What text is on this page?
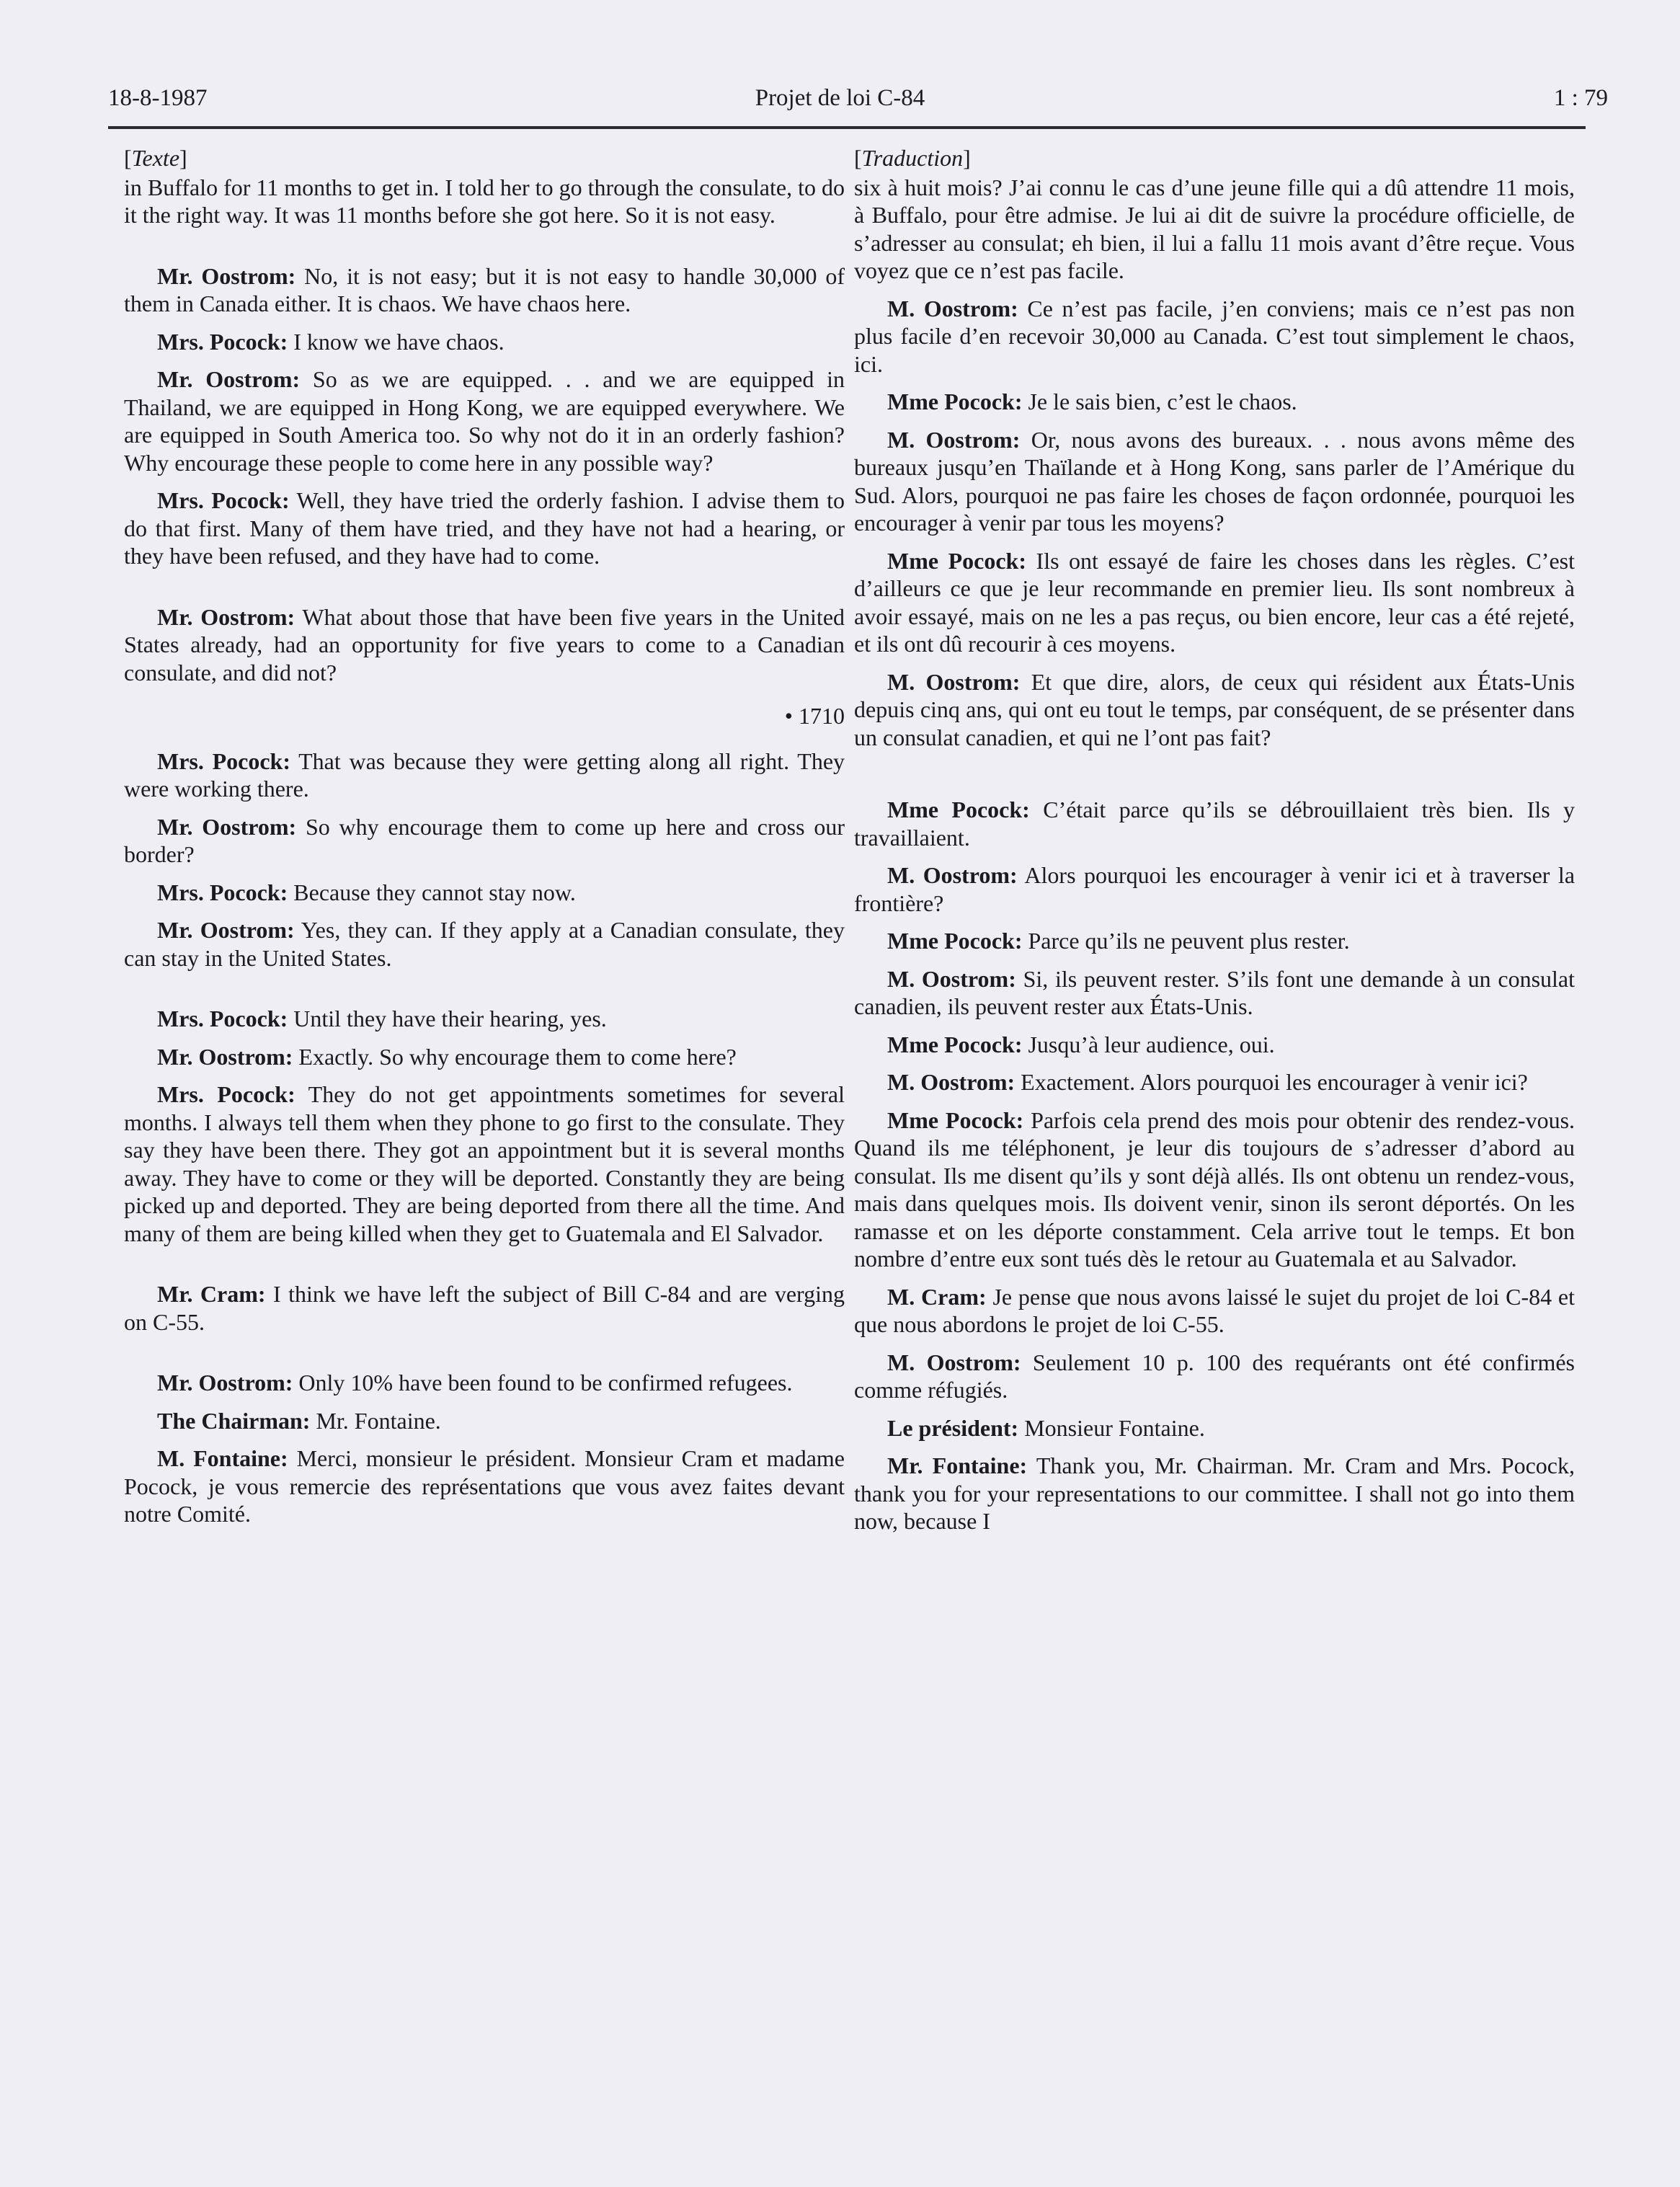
18-8-1987	Projet de loi C-84	1 : 79

[Texte]

in Buffalo for 11 months to get in. I told her to go through the consulate, to do it the right way. It was 11 months before she got here. So it is not easy.

Mr. Oostrom: No, it is not easy; but it is not easy to handle 30,000 of them in Canada either. It is chaos. We have chaos here.

Mrs. Pocock: I know we have chaos.

Mr. Oostrom: So as we are equipped. . . and we are equipped in Thailand, we are equipped in Hong Kong, we are equipped everywhere. We are equipped in South America too. So why not do it in an orderly fashion? Why encourage these people to come here in any possible way?

Mrs. Pocock: Well, they have tried the orderly fashion. I advise them to do that first. Many of them have tried, and they have not had a hearing, or they have been refused, and they have had to come.

Mr. Oostrom: What about those that have been five years in the United States already, had an opportunity for five years to come to a Canadian consulate, and did not?

• 1710

Mrs. Pocock: That was because they were getting along all right. They were working there.

Mr. Oostrom: So why encourage them to come up here and cross our border?

Mrs. Pocock: Because they cannot stay now.

Mr. Oostrom: Yes, they can. If they apply at a Canadian consulate, they can stay in the United States.

Mrs. Pocock: Until they have their hearing, yes.

Mr. Oostrom: Exactly. So why encourage them to come here?

Mrs. Pocock: They do not get appointments sometimes for several months. I always tell them when they phone to go first to the consulate. They say they have been there. They got an appointment but it is several months away. They have to come or they will be deported. Constantly they are being picked up and deported. They are being deported from there all the time. And many of them are being killed when they get to Guatemala and El Salvador.

Mr. Cram: I think we have left the subject of Bill C-84 and are verging on C-55.

Mr. Oostrom: Only 10% have been found to be confirmed refugees.

The Chairman: Mr. Fontaine.

M. Fontaine: Merci, monsieur le président. Monsieur Cram et madame Pocock, je vous remercie des représentations que vous avez faites devant notre Comité.

[Traduction]

six à huit mois? J’ai connu le cas d’une jeune fille qui a dû attendre 11 mois, à Buffalo, pour être admise. Je lui ai dit de suivre la procédure officielle, de s’adresser au consulat; eh bien, il lui a fallu 11 mois avant d’être reçue. Vous voyez que ce n’est pas facile.

M. Oostrom: Ce n’est pas facile, j’en conviens; mais ce n’est pas non plus facile d’en recevoir 30,000 au Canada. C’est tout simplement le chaos, ici.

Mme Pocock: Je le sais bien, c’est le chaos.

M. Oostrom: Or, nous avons des bureaux. . . nous avons même des bureaux jusqu’en Thaïlande et à Hong Kong, sans parler de l’Amérique du Sud. Alors, pourquoi ne pas faire les choses de façon ordonnée, pourquoi les encourager à venir par tous les moyens?

Mme Pocock: Ils ont essayé de faire les choses dans les règles. C’est d’ailleurs ce que je leur recommande en premier lieu. Ils sont nombreux à avoir essayé, mais on ne les a pas reçus, ou bien encore, leur cas a été rejeté, et ils ont dû recourir à ces moyens.

M. Oostrom: Et que dire, alors, de ceux qui résident aux États-Unis depuis cinq ans, qui ont eu tout le temps, par conséquent, de se présenter dans un consulat canadien, et qui ne l’ont pas fait?

Mme Pocock: C’était parce qu’ils se débrouillaient très bien. Ils y travaillaient.

M. Oostrom: Alors pourquoi les encourager à venir ici et à traverser la frontière?

Mme Pocock: Parce qu’ils ne peuvent plus rester.

M. Oostrom: Si, ils peuvent rester. S’ils font une demande à un consulat canadien, ils peuvent rester aux États-Unis.

Mme Pocock: Jusqu’à leur audience, oui.

M. Oostrom: Exactement. Alors pourquoi les encourager à venir ici?

Mme Pocock: Parfois cela prend des mois pour obtenir des rendez-vous. Quand ils me téléphonent, je leur dis toujours de s’adresser d’abord au consulat. Ils me disent qu’ils y sont déjà allés. Ils ont obtenu un rendez-vous, mais dans quelques mois. Ils doivent venir, sinon ils seront déportés. On les ramasse et on les déporte constamment. Cela arrive tout le temps. Et bon nombre d’entre eux sont tués dès le retour au Guatemala et au Salvador.

M. Cram: Je pense que nous avons laissé le sujet du projet de loi C-84 et que nous abordons le projet de loi C-55.

M. Oostrom: Seulement 10 p. 100 des requérants ont été confirmés comme réfugiés.

Le président: Monsieur Fontaine.

Mr. Fontaine: Thank you, Mr. Chairman. Mr. Cram and Mrs. Pocock, thank you for your representations to our committee. I shall not go into them now, because I
